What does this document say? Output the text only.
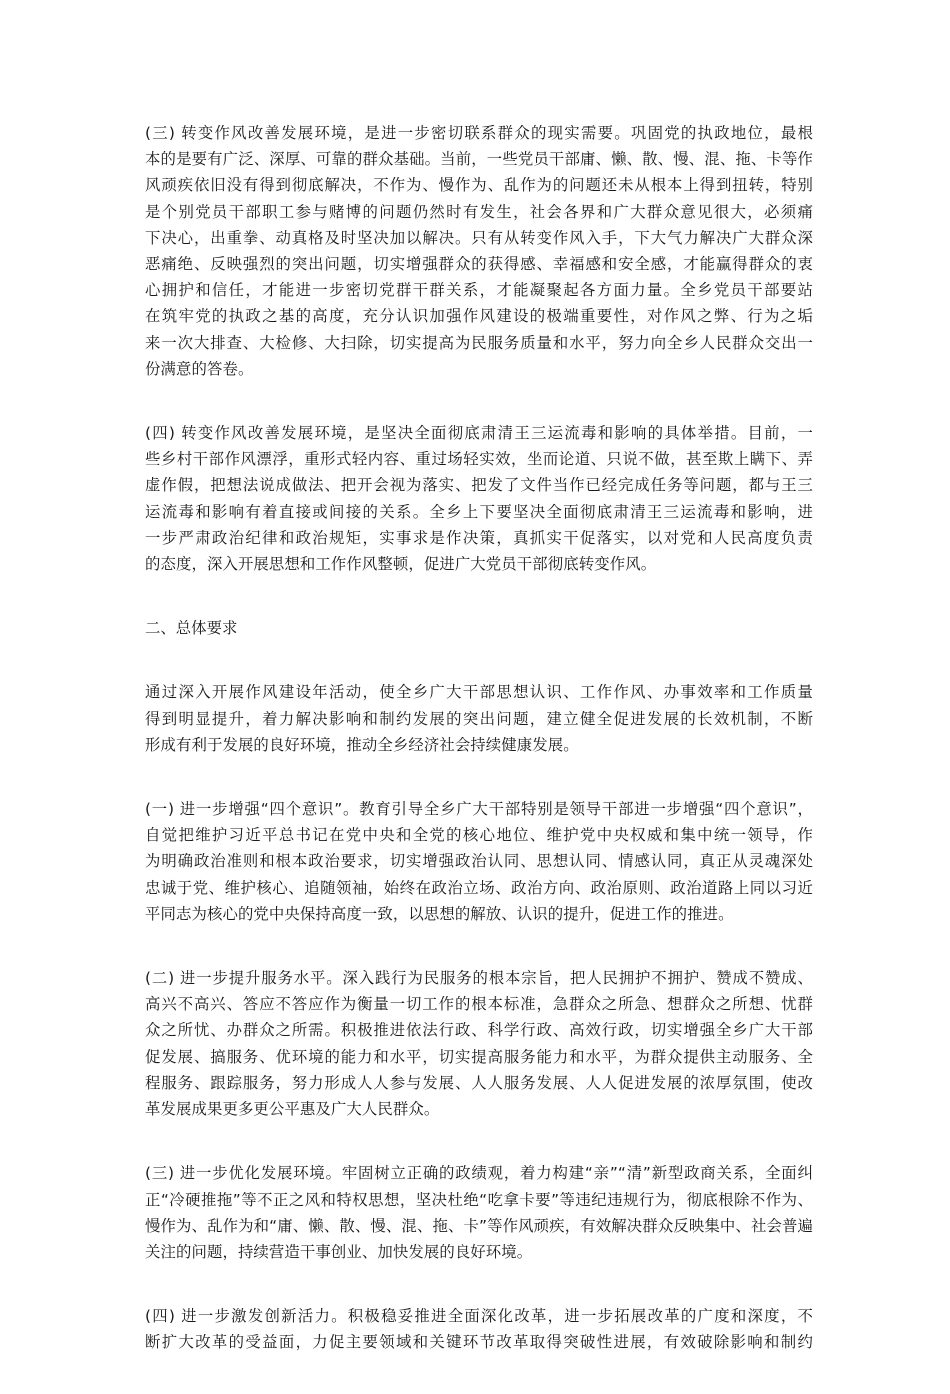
(三) 转变作风改善发展环境，是进一步密切联系群众的现实需要。巩固党的执政地位，最根
本的是要有广泛、深厚、可靠的群众基础。当前，一些党员干部庸、懒、散、慢、混、拖、卡等作
风顽疾依旧没有得到彻底解决，不作为、慢作为、乱作为的问题还未从根本上得到扭转，特别
是个别党员干部职工参与赌博的问题仍然时有发生，社会各界和广大群众意见很大，必须痛
下决心，出重拳、动真格及时坚决加以解决。只有从转变作风入手，下大气力解决广大群众深
恶痛绝、反映强烈的突出问题，切实增强群众的获得感、幸福感和安全感，才能赢得群众的衷
心拥护和信任，才能进一步密切党群干群关系，才能凝聚起各方面力量。全乡党员干部要站
在筑牢党的执政之基的高度，充分认识加强作风建设的极端重要性，对作风之弊、行为之垢
来一次大排查、大检修、大扫除，切实提高为民服务质量和水平，努力向全乡人民群众交出一
份满意的答卷。
(四) 转变作风改善发展环境，是坚决全面彻底肃清王三运流毒和影响的具体举措。目前，一
些乡村干部作风漂浮，重形式轻内容、重过场轻实效，坐而论道、只说不做，甚至欺上瞒下、弄
虚作假，把想法说成做法、把开会视为落实、把发了文件当作已经完成任务等问题，都与王三
运流毒和影响有着直接或间接的关系。全乡上下要坚决全面彻底肃清王三运流毒和影响，进
一步严肃政治纪律和政治规矩，实事求是作决策，真抓实干促落实，以对党和人民高度负责
的态度，深入开展思想和工作作风整顿，促进广大党员干部彻底转变作风。
二、总体要求
通过深入开展作风建设年活动，使全乡广大干部思想认识、工作作风、办事效率和工作质量
得到明显提升，着力解决影响和制约发展的突出问题，建立健全促进发展的长效机制，不断
形成有利于发展的良好环境，推动全乡经济社会持续健康发展。
(一) 进一步增强“四个意识”。教育引导全乡广大干部特别是领导干部进一步增强“四个意识”，
自觉把维护习近平总书记在党中央和全党的核心地位、维护党中央权威和集中统一领导，作
为明确政治准则和根本政治要求，切实增强政治认同、思想认同、情感认同，真正从灵魂深处
忠诚于党、维护核心、追随领袖，始终在政治立场、政治方向、政治原则、政治道路上同以习近
平同志为核心的党中央保持高度一致，以思想的解放、认识的提升，促进工作的推进。
(二) 进一步提升服务水平。深入践行为民服务的根本宗旨，把人民拥护不拥护、赞成不赞成、
高兴不高兴、答应不答应作为衡量一切工作的根本标准，急群众之所急、想群众之所想、忧群
众之所忧、办群众之所需。积极推进依法行政、科学行政、高效行政，切实增强全乡广大干部
促发展、搞服务、优环境的能力和水平，切实提高服务能力和水平，为群众提供主动服务、全
程服务、跟踪服务，努力形成人人参与发展、人人服务发展、人人促进发展的浓厚氛围，使改
革发展成果更多更公平惠及广大人民群众。
(三) 进一步优化发展环境。牢固树立正确的政绩观，着力构建“亲”“清”新型政商关系，全面纠
正“冷硬推拖”等不正之风和特权思想，坚决杜绝“吃拿卡要”等违纪违规行为，彻底根除不作为、
慢作为、乱作为和“庸、懒、散、慢、混、拖、卡”等作风顽疾，有效解决群众反映集中、社会普遍
关注的问题，持续营造干事创业、加快发展的良好环境。
(四) 进一步激发创新活力。积极稳妥推进全面深化改革，进一步拓展改革的广度和深度，不
断扩大改革的受益面，力促主要领域和关键环节改革取得突破性进展，有效破除影响和制约
